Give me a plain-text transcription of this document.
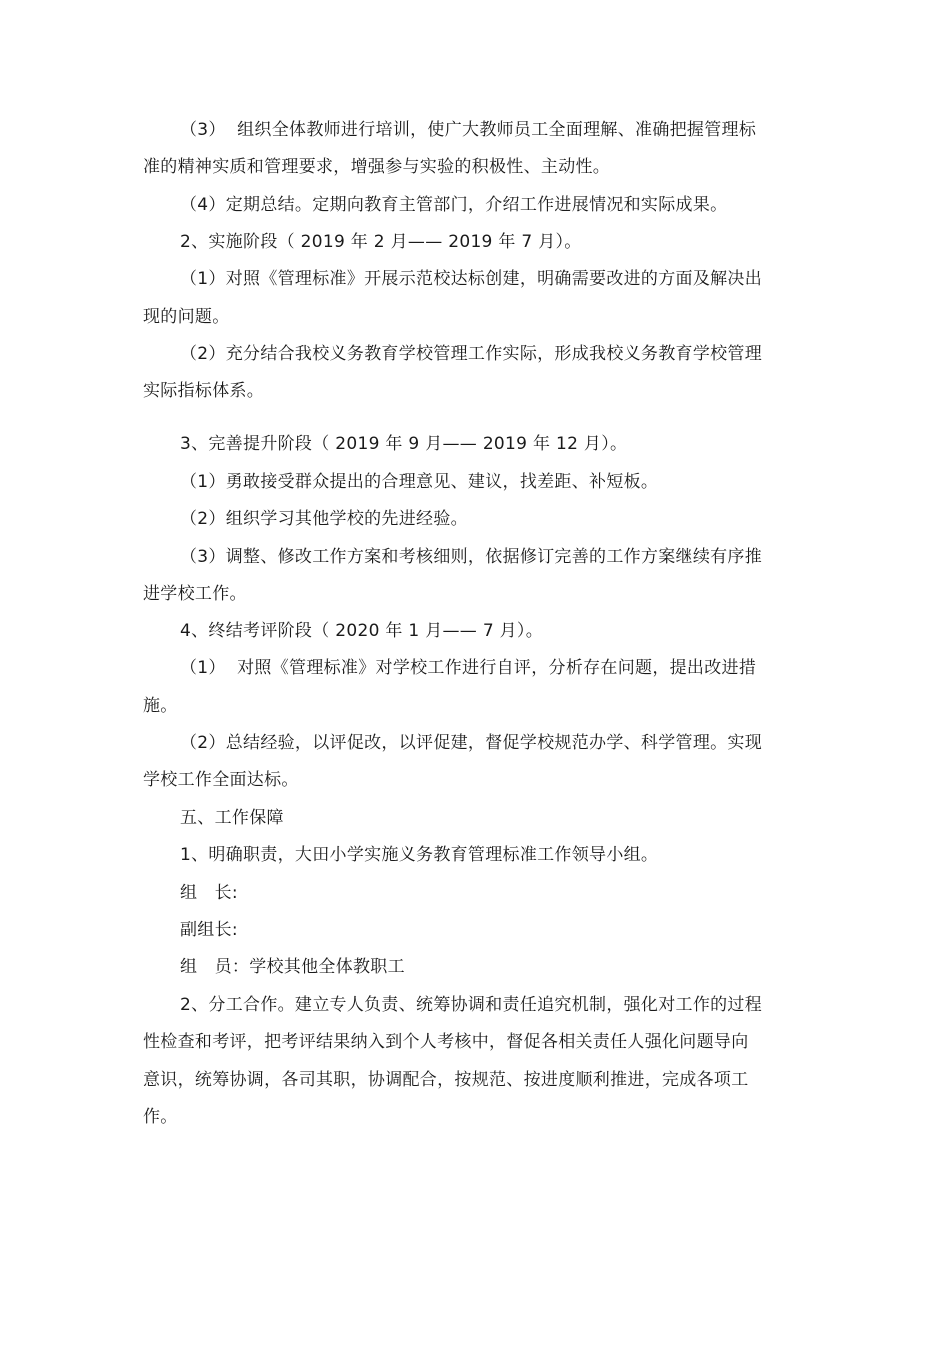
（3）  组织全体教师进行培训，使广大教师员工全面理解、准确把握管理标
准的精神实质和管理要求，增强参与实验的积极性、主动性。
（4）定期总结。定期向教育主管部门，介绍工作进展情况和实际成果。
2、实施阶段（ 2019 年 2 月—— 2019 年 7 月）。
（1）对照《管理标准》开展示范校达标创建，明确需要改进的方面及解决出
现的问题。
（2）充分结合我校义务教育学校管理工作实际，形成我校义务教育学校管理
实际指标体系。
3、完善提升阶段（ 2019 年 9 月—— 2019 年 12 月）。
（1）勇敢接受群众提出的合理意见、建议，找差距、补短板。
（2）组织学习其他学校的先进经验。
（3）调整、修改工作方案和考核细则，依据修订完善的工作方案继续有序推
进学校工作。
4、终结考评阶段（ 2020 年 1 月—— 7 月）。
（1）  对照《管理标准》对学校工作进行自评，分析存在问题，提出改进措
施。
（2）总结经验，以评促改，以评促建，督促学校规范办学、科学管理。实现
学校工作全面达标。
五、工作保障
1、明确职责，大田小学实施义务教育管理标准工作领导小组。
组　长:
副组长:
组　员：学校其他全体教职工
2、分工合作。建立专人负责、统筹协调和责任追究机制，强化对工作的过程
性检查和考评，把考评结果纳入到个人考核中，督促各相关责任人强化问题导向
意识，统筹协调，各司其职，协调配合，按规范、按进度顺利推进，完成各项工
作。
